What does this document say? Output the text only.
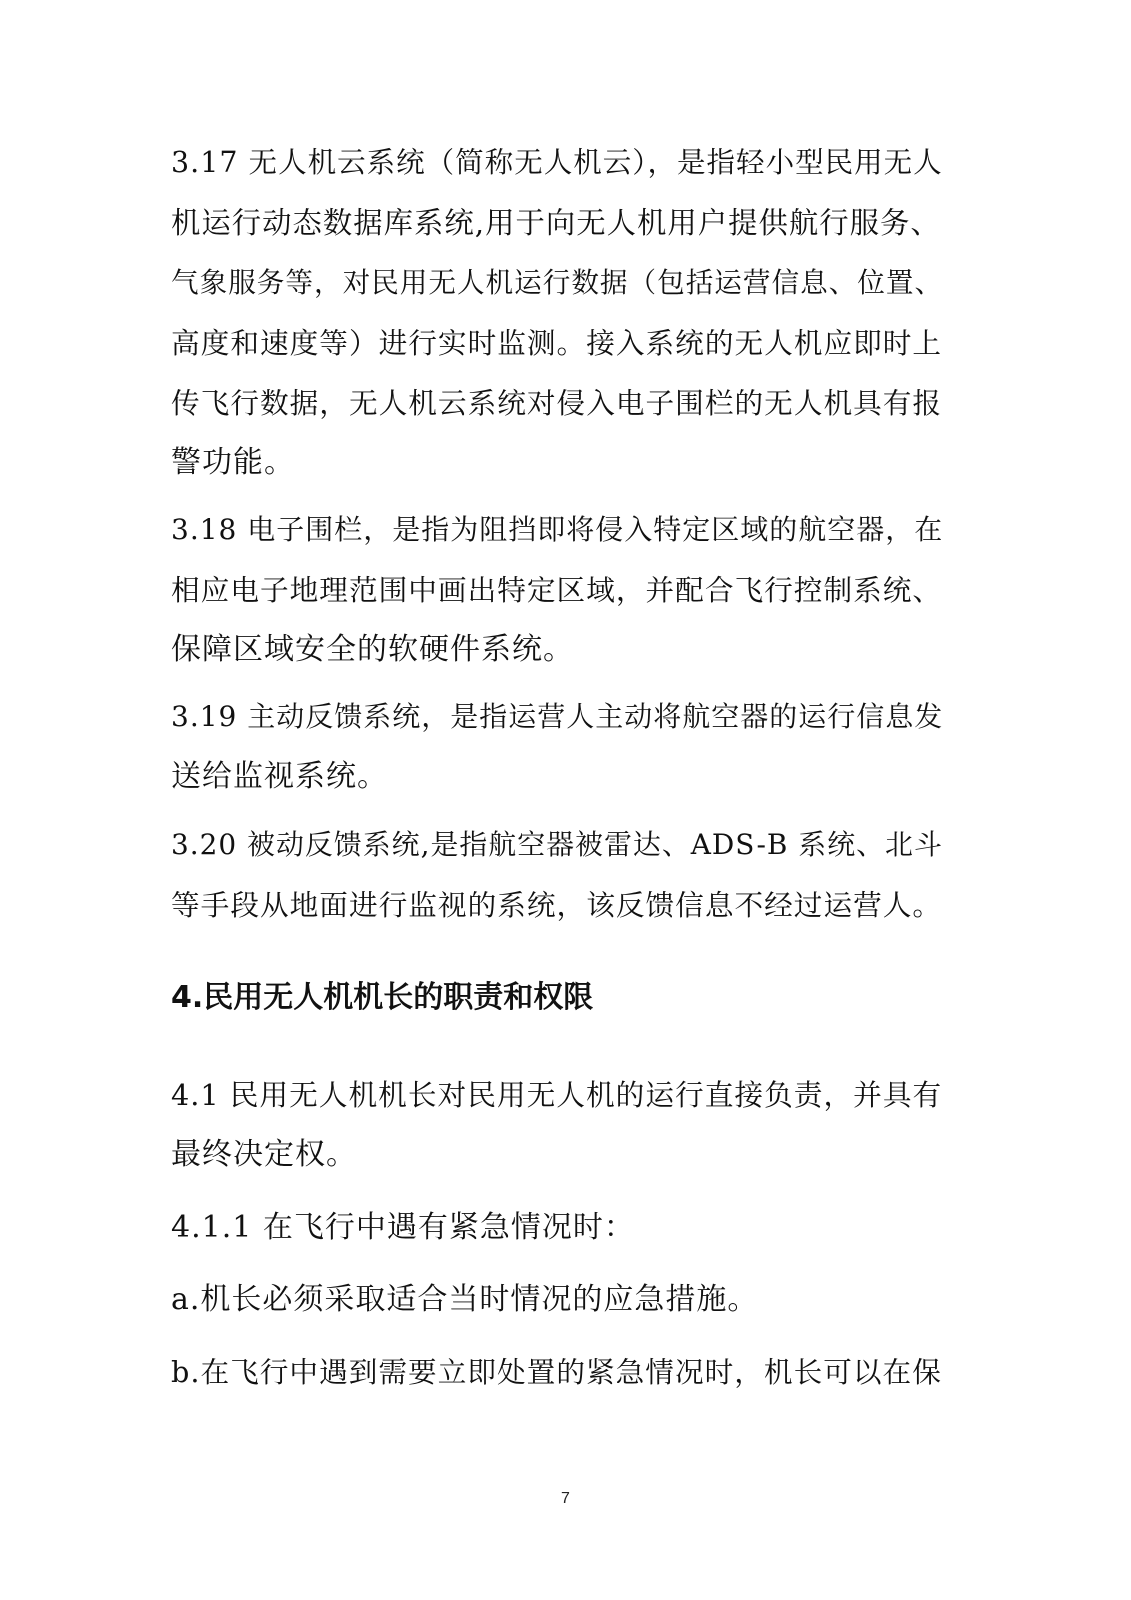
3.17 无人机云系统（简称无人机云），是指轻小型民用无人
机运行动态数据库系统,用于向无人机用户提供航行服务、
气象服务等，对民用无人机运行数据（包括运营信息、位置、
高度和速度等）进行实时监测。接入系统的无人机应即时上
传飞行数据，无人机云系统对侵入电子围栏的无人机具有报
警功能。
3.18 电子围栏，是指为阻挡即将侵入特定区域的航空器，在
相应电子地理范围中画出特定区域，并配合飞行控制系统、
保障区域安全的软硬件系统。
3.19 主动反馈系统，是指运营人主动将航空器的运行信息发
送给监视系统。
3.20 被动反馈系统,是指航空器被雷达、ADS-B 系统、北斗
等手段从地面进行监视的系统，该反馈信息不经过运营人。
4.民用无人机机长的职责和权限
4.1 民用无人机机长对民用无人机的运行直接负责，并具有
最终决定权。
4.1.1 在飞行中遇有紧急情况时：
a.机长必须采取适合当时情况的应急措施。
b.在飞行中遇到需要立即处置的紧急情况时，机长可以在保
7
